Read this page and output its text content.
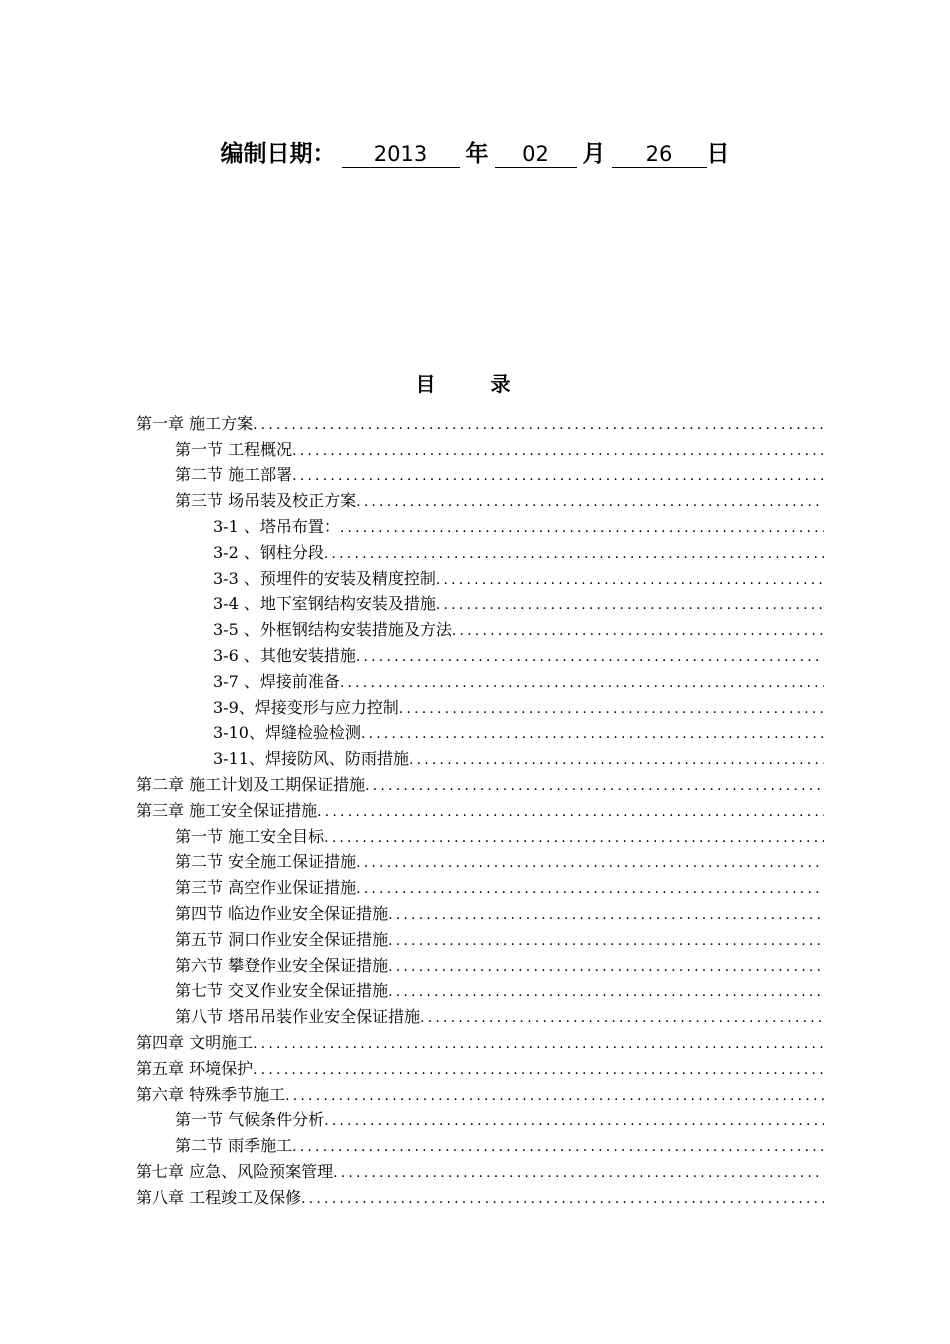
编制日期： 2013 年 02 月 26 日
目 录
第一章 施工方案
.....
第一节 工程概况
.....
第二节 施工部署
.....
第三节 场吊装及校正方案
.....
3-1 、塔吊布置：
.....
3-2 、钢柱分段
.....
3-3 、预埋件的安装及精度控制
.....
3-4 、地下室钢结构安装及措施
.....
3-5 、外框钢结构安装措施及方法
.....
3-6 、其他安装措施
.....
3-7 、焊接前准备
.....
3-9、焊接变形与应力控制
.....
3-10、焊缝检验检测
.....
3-11、焊接防风、防雨措施
.....
第二章 施工计划及工期保证措施
.....
第三章 施工安全保证措施
.....
第一节 施工安全目标
.....
第二节 安全施工保证措施
.....
第三节 高空作业保证措施
.....
第四节 临边作业安全保证措施
.....
第五节 洞口作业安全保证措施
.....
第六节 攀登作业安全保证措施
.....
第七节 交叉作业安全保证措施
.....
第八节 塔吊吊装作业安全保证措施
.....
第四章 文明施工
.....
第五章 环境保护
.....
第六章 特殊季节施工
.....
第一节 气候条件分析
.....
第二节 雨季施工
.....
第七章 应急、风险预案管理
.....
第八章 工程竣工及保修
.....
